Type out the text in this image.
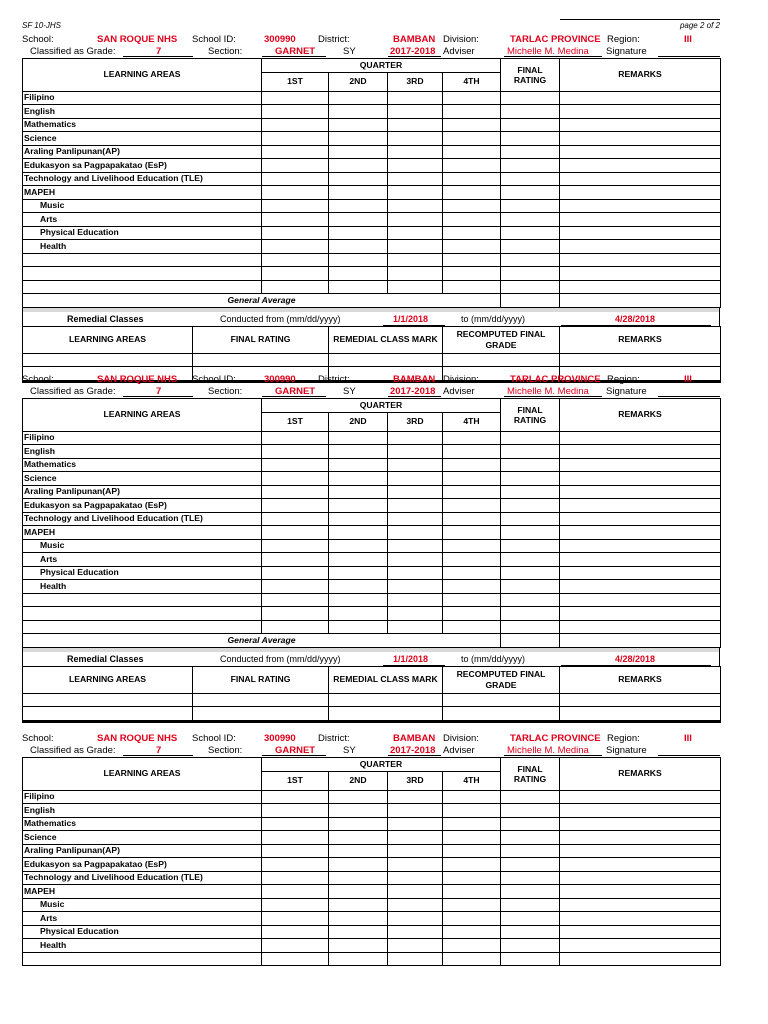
SF 10-JHS	page 2 of 2
School:	SAN ROQUE NHS School ID:	300990 District:	BAMBAN Division:	TARLAC PROVINCE Region:	III
Classified as Grade:	7	Section:	GARNET	SY	2017-2018 Adviser	Michelle M. Medina Signature
LEARNING AREAS	QUARTER				FINAL RATING	REMARKS
	1ST	2ND	3RD	4TH		
Filipino						
English						
Mathematics						
Science						
Araling Panlipunan(AP)						
Edukasyon sa Pagpapakatao (EsP)						
Technology and Livelihood Education (TLE)						
MAPEH						
Music						
Arts						
Physical Education						
Health						

General Average						
Remedial Classes	Conducted from (mm/dd/yyyy)	1/1/2018	to (mm/dd/yyyy)	4/28/2018
LEARNING AREAS	FINAL RATING	REMEDIAL CLASS MARK	RECOMPUTED FINAL GRADE	REMARKS

School:	SAN ROQUE NHS School ID:	300990 District:	BAMBAN Division:	TARLAC PROVINCE Region:	III
Classified as Grade:	7	Section:	GARNET	SY	2017-2018 Adviser	Michelle M. Medina Signature
LEARNING AREAS	QUARTER				FINAL RATING	REMARKS
	1ST	2ND	3RD	4TH		
Filipino						
English						
Mathematics						
Science						
Araling Panlipunan(AP)						
Edukasyon sa Pagpapakatao (EsP)						
Technology and Livelihood Education (TLE)						
MAPEH						
Music						
Arts						
Physical Education						
Health						

General Average						
Remedial Classes	Conducted from (mm/dd/yyyy)	1/1/2018	to (mm/dd/yyyy)	4/28/2018
LEARNING AREAS	FINAL RATING	REMEDIAL CLASS MARK	RECOMPUTED FINAL GRADE	REMARKS

School:	SAN ROQUE NHS School ID:	300990 District:	BAMBAN Division:	TARLAC PROVINCE Region:	III
Classified as Grade:	7	Section:	GARNET	SY	2017-2018 Adviser	Michelle M. Medina Signature
LEARNING AREAS	QUARTER				FINAL RATING	REMARKS
	1ST	2ND	3RD	4TH		
Filipino						
English						
Mathematics						
Science						
Araling Panlipunan(AP)						
Edukasyon sa Pagpapakatao (EsP)						
Technology and Livelihood Education (TLE)						
MAPEH						
Music						
Arts						
Physical Education						
Health						
